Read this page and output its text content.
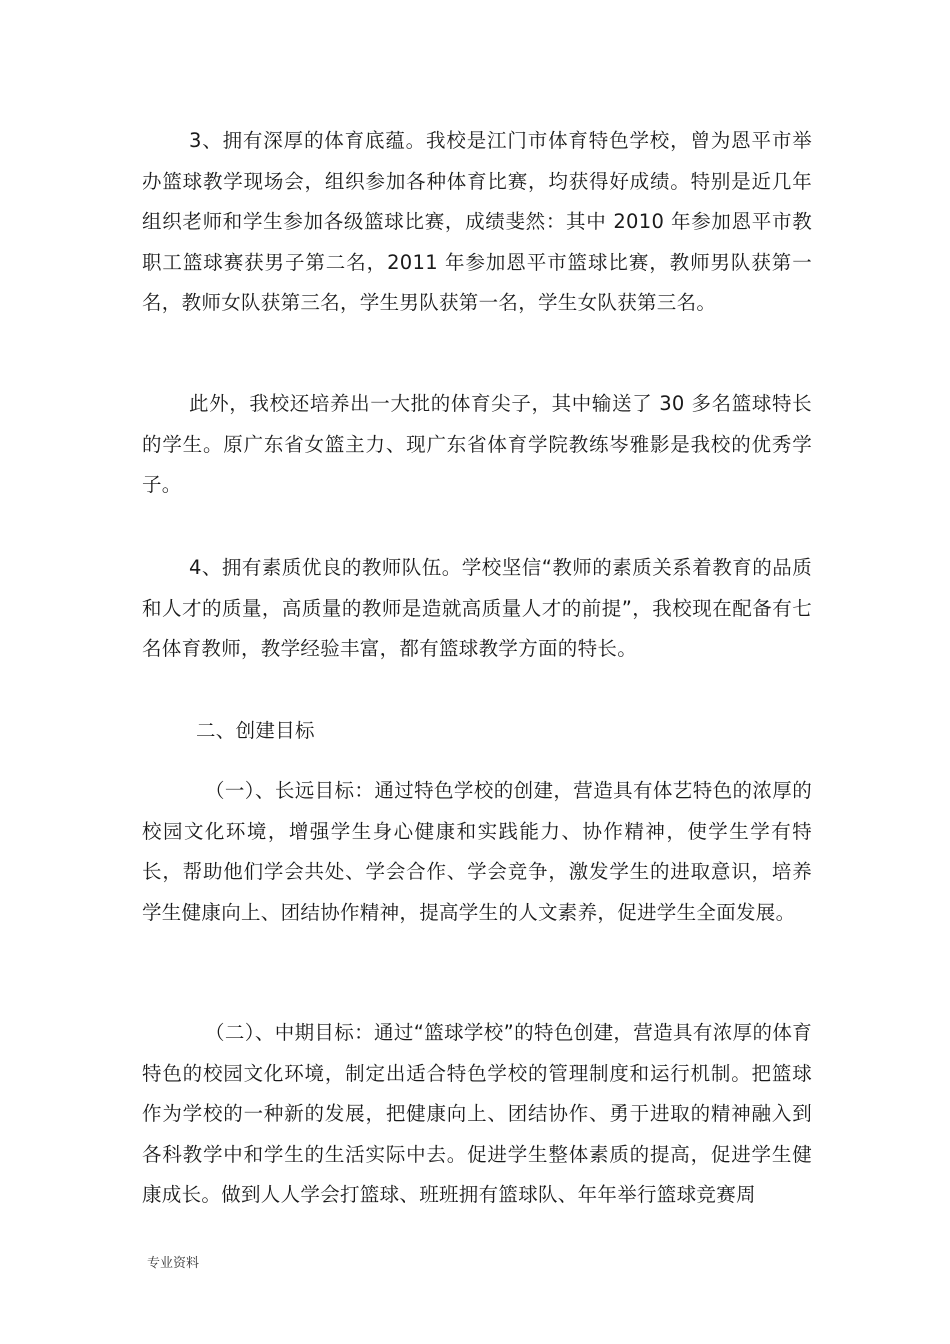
3、拥有深厚的体育底蕴。我校是江门市体育特色学校，曾为恩平市举办篮球教学现场会，组织参加各种体育比赛，均获得好成绩。特别是近几年组织老师和学生参加各级篮球比赛，成绩斐然：其中 2010 年参加恩平市教职工篮球赛获男子第二名，2011 年参加恩平市篮球比赛，教师男队获第一名，教师女队获第三名，学生男队获第一名，学生女队获第三名。

此外，我校还培养出一大批的体育尖子，其中输送了 30 多名篮球特长的学生。原广东省女篮主力、现广东省体育学院教练岑雅影是我校的优秀学子。

4、拥有素质优良的教师队伍。学校坚信“教师的素质关系着教育的品质和人才的质量，高质量的教师是造就高质量人才的前提”，我校现在配备有七名体育教师，教学经验丰富，都有篮球教学方面的特长。

二、创建目标

（一）、长远目标：通过特色学校的创建，营造具有体艺特色的浓厚的校园文化环境，增强学生身心健康和实践能力、协作精神，使学生学有特长，帮助他们学会共处、学会合作、学会竞争，激发学生的进取意识，培养学生健康向上、团结协作精神，提高学生的人文素养，促进学生全面发展。

（二）、中期目标：通过“篮球学校”的特色创建，营造具有浓厚的体育特色的校园文化环境，制定出适合特色学校的管理制度和运行机制。把篮球作为学校的一种新的发展，把健康向上、团结协作、勇于进取的精神融入到各科教学中和学生的生活实际中去。促进学生整体素质的提高，促进学生健康成长。做到人人学会打篮球、班班拥有篮球队、年年举行篮球竞赛周

专业资料
